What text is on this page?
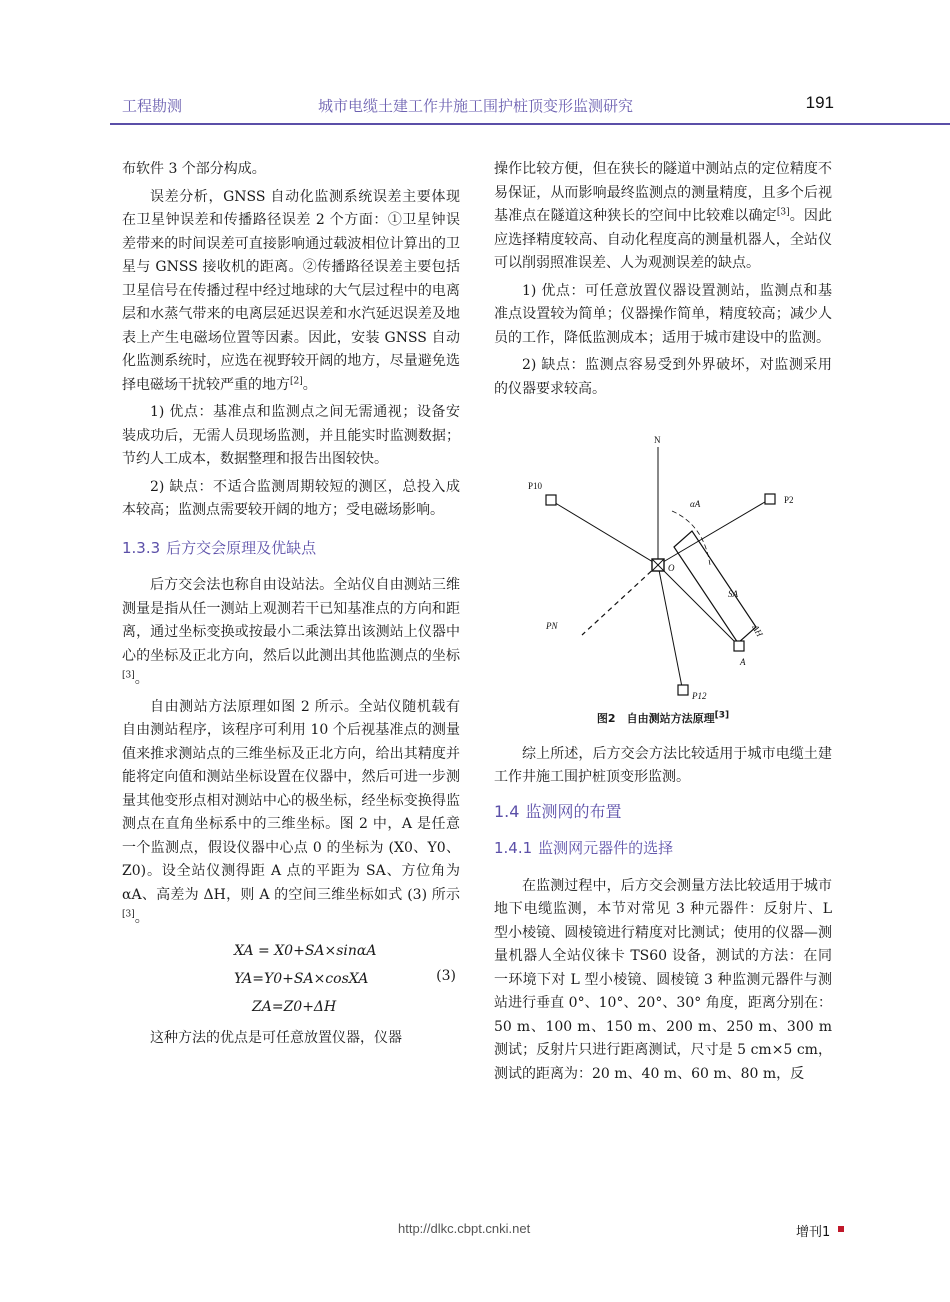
工程勘测	城市电缆土建工作井施工围护桩顶变形监测研究	191

布软件 3 个部分构成。

误差分析，GNSS 自动化监测系统误差主要体现在卫星钟误差和传播路径误差 2 个方面：①卫星钟误差带来的时间误差可直接影响通过载波相位计算出的卫星与 GNSS 接收机的距离。②传播路径误差主要包括卫星信号在传播过程中经过地球的大气层过程中的电离层和水蒸气带来的电离层延迟误差和水汽延迟误差及地表上产生电磁场位置等因素。因此，安装 GNSS 自动化监测系统时，应选在视野较开阔的地方，尽量避免选择电磁场干扰较严重的地方[2]。

1) 优点：基准点和监测点之间无需通视；设备安装成功后，无需人员现场监测，并且能实时监测数据；节约人工成本，数据整理和报告出图较快。

2) 缺点：不适合监测周期较短的测区，总投入成本较高；监测点需要较开阔的地方；受电磁场影响。

1.3.3 后方交会原理及优缺点

后方交会法也称自由设站法。全站仪自由测站三维测量是指从任一测站上观测若干已知基准点的方向和距离，通过坐标变换或按最小二乘法算出该测站上仪器中心的坐标及正北方向，然后以此测出其他监测点的坐标[3]。

自由测站方法原理如图 2 所示。全站仪随机载有自由测站程序，该程序可利用 10 个后视基准点的测量值来推求测站点的三维坐标及正北方向，给出其精度并能将定向值和测站坐标设置在仪器中，然后可进一步测量其他变形点相对测站中心的极坐标，经坐标变换得监测点在直角坐标系中的三维坐标。图 2 中，A 是任意一个监测点，假设仪器中心点 0 的坐标为 (X0、Y0、Z0)。设全站仪测得距 A 点的平距为 SA、方位角为 αA、高差为 ΔH，则 A 的空间三维坐标如式 (3) 所示[3]。

XA = X0+SA×sinαA
YA=Y0+SA×cosXA
ZA=Z0+ΔH
(3)

这种方法的优点是可任意放置仪器，仪器

操作比较方便，但在狭长的隧道中测站点的定位精度不易保证，从而影响最终监测点的测量精度，且多个后视基准点在隧道这种狭长的空间中比较难以确定[3]。因此应选择精度较高、自动化程度高的测量机器人，全站仪可以削弱照准误差、人为观测误差的缺点。

1) 优点：可任意放置仪器设置测站，监测点和基准点设置较为简单；仪器操作简单，精度较高；减少人员的工作，降低监测成本；适用于城市建设中的监测。

2) 缺点：监测点容易受到外界破坏，对监测采用的仪器要求较高。

N
P10
P2
αA
SA
A
ΔH
PN
P12
O
图2　自由测站方法原理[3]

综上所述，后方交会方法比较适用于城市电缆土建工作井施工围护桩顶变形监测。

1.4 监测网的布置
1.4.1 监测网元器件的选择

在监测过程中，后方交会测量方法比较适用于城市地下电缆监测，本节对常见 3 种元器件：反射片、L 型小棱镜、圆棱镜进行精度对比测试；使用的仪器—测量机器人全站仪徕卡 TS60 设备，测试的方法：在同一环境下对 L 型小棱镜、圆棱镜 3 种监测元器件与测站进行垂直 0°、10°、20°、30° 角度，距离分别在：50 m、100 m、150 m、200 m、250 m、300 m 测试；反射片只进行距离测试，尺寸是 5 cm×5 cm，测试的距离为：20 m、40 m、60 m、80 m，反

http://dlkc.cbpt.cnki.net	增刊1
